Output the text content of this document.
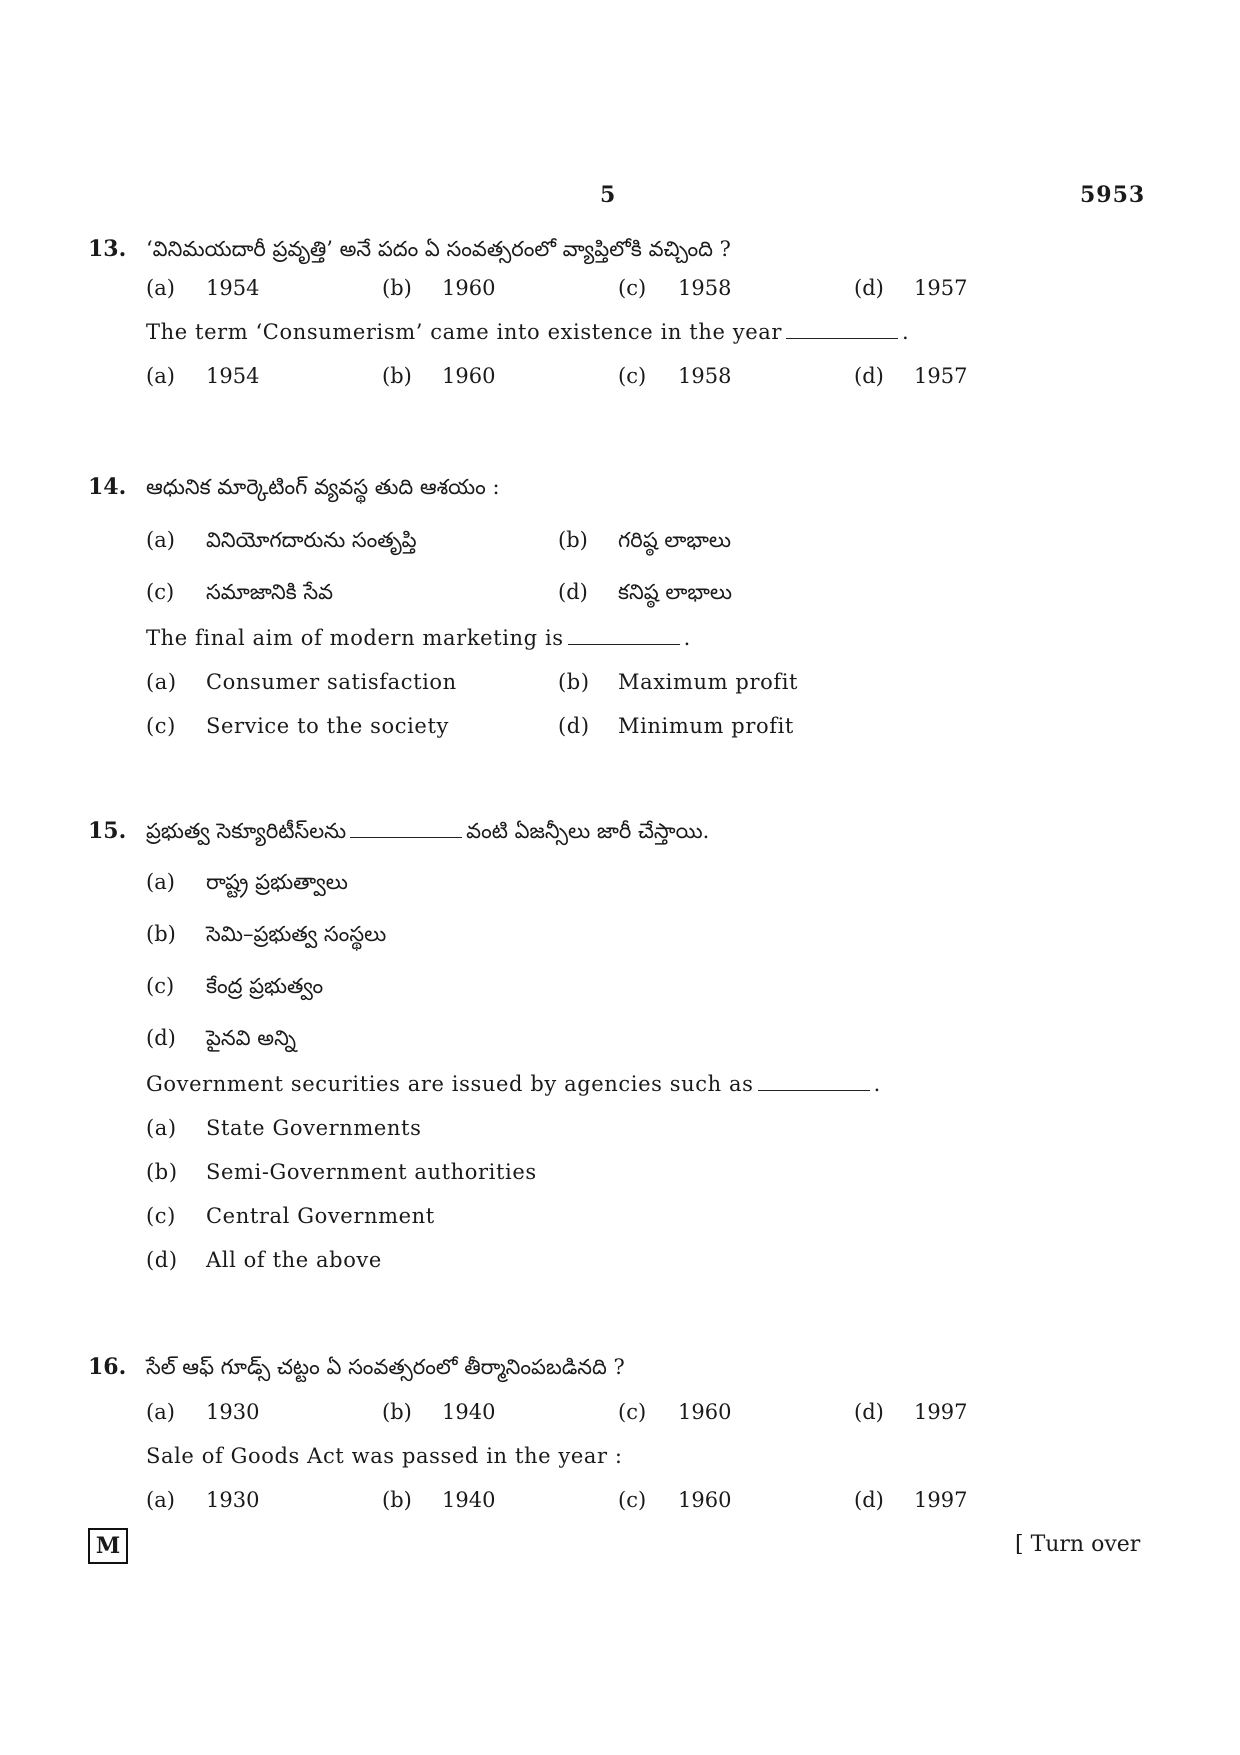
5	5953
13. ‘వినిమయదారీ ప్రవృత్తి’ అనే పదం ఏ సంవత్సరంలో వ్యాప్తిలోకి వచ్చింది ?
(a)	1954	(b)	1960	(c)	1958	(d)	1957
The term ‘Consumerism’ came into existence in the year	.
(a)	1954	(b)	1960	(c)	1958	(d)	1957
14. ఆధునిక మార్కెటింగ్ వ్యవస్థ తుది ఆశయం :
(a)	వినియోగదారును సంతృప్తి	(b)	గరిష్ఠ లాభాలు
(c)	సమాజానికి సేవ	(d)	కనిష్ఠ లాభాలు
The final aim of modern marketing is	.
(a)	Consumer satisfaction	(b)	Maximum profit
(c)	Service to the society	(d)	Minimum profit
15. ప్రభుత్వ సెక్యూరిటీస్‌లను	వంటి ఏజన్సీలు జారీ చేస్తాయి.
(a)	రాష్ట్ర ప్రభుత్వాలు
(b)	సెమి–ప్రభుత్వ సంస్థలు
(c)	కేంద్ర ప్రభుత్వం
(d)	పైనవి అన్ని
Government securities are issued by agencies such as	.
(a)	State Governments
(b)	Semi-Government authorities
(c)	Central Government
(d)	All of the above
16. సేల్ ఆఫ్ గూడ్స్ చట్టం ఏ సంవత్సరంలో తీర్మానింపబడినది ?
(a)	1930	(b)	1940	(c)	1960	(d)	1997
Sale of Goods Act was passed in the year :
(a)	1930	(b)	1940	(c)	1960	(d)	1997
M	[ Turn over
